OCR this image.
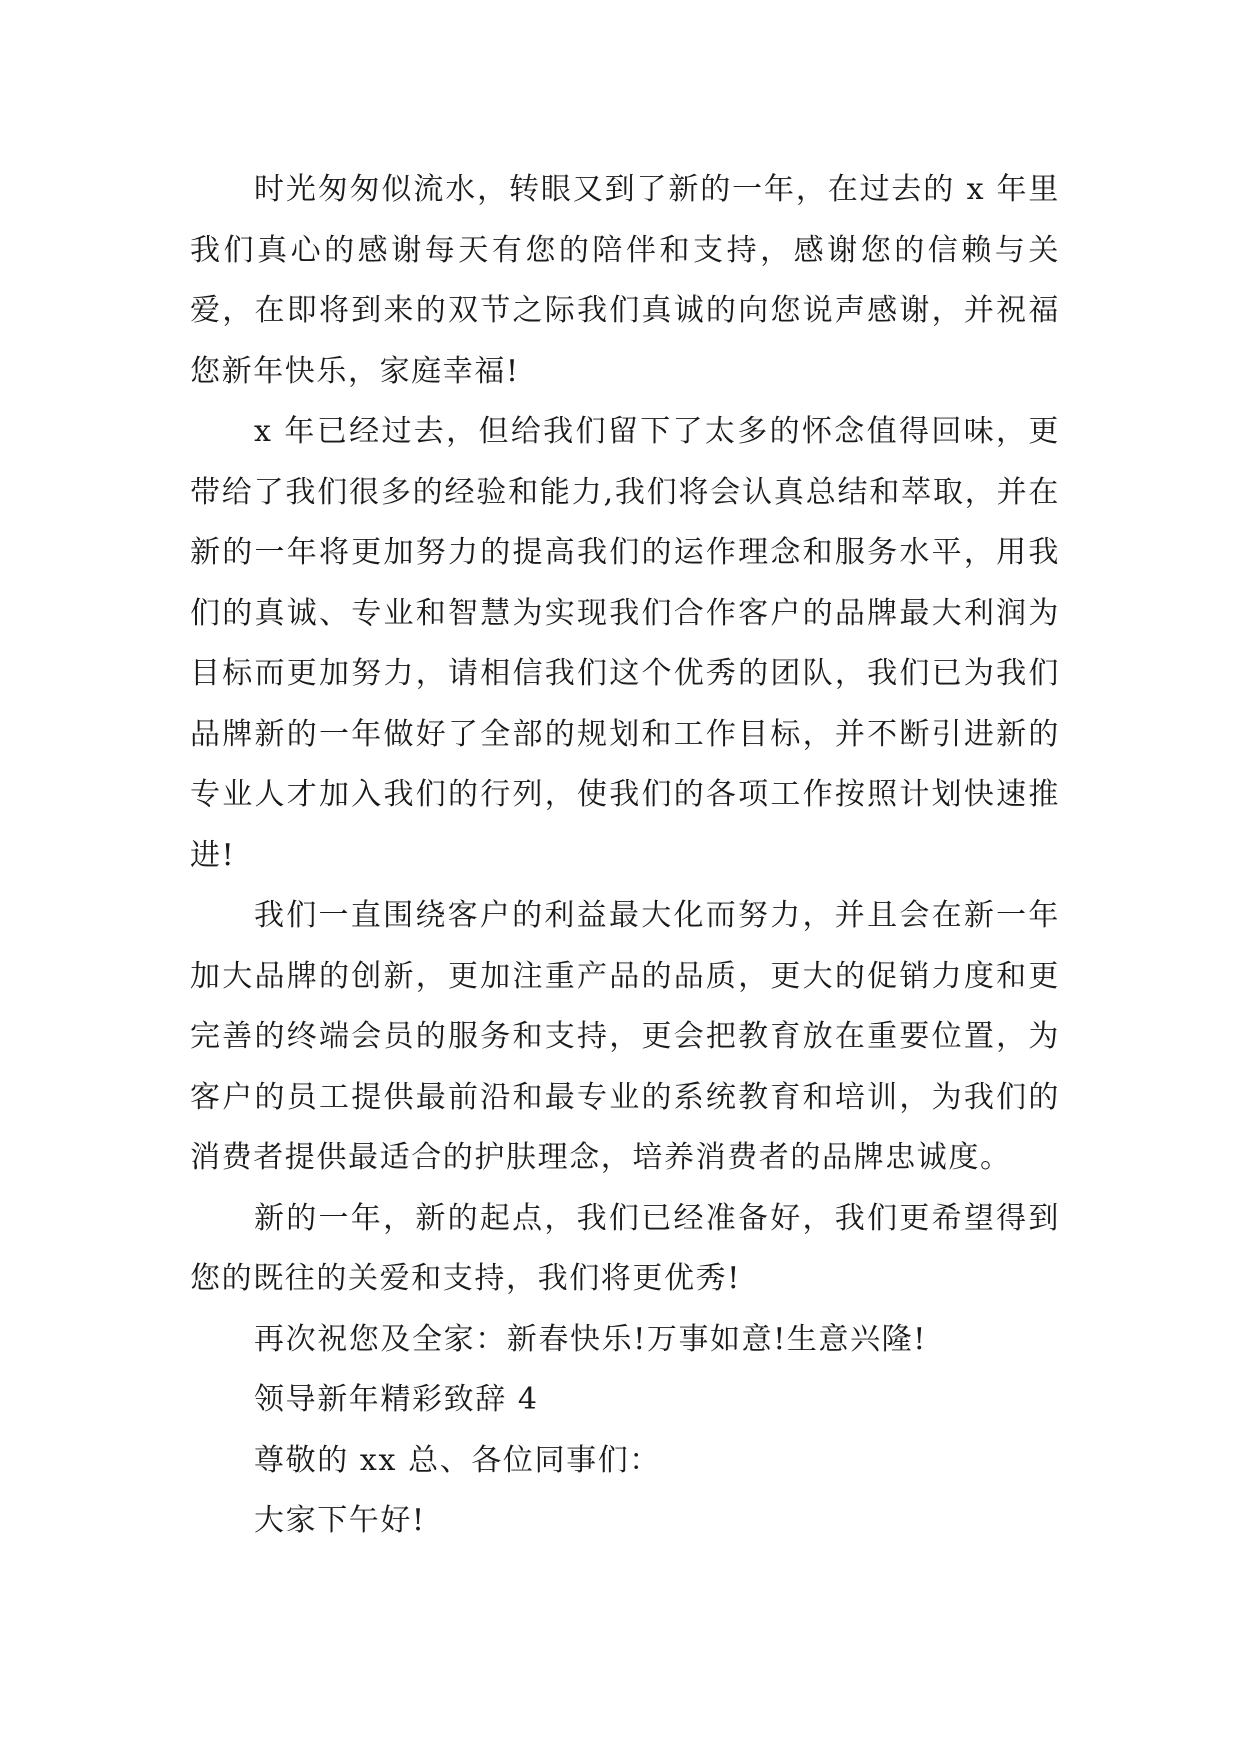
时光匆匆似流水，转眼又到了新的一年，在过去的 x 年里我们真心的感谢每天有您的陪伴和支持，感谢您的信赖与关爱，在即将到来的双节之际我们真诚的向您说声感谢，并祝福您新年快乐，家庭幸福!

x 年已经过去，但给我们留下了太多的怀念值得回味，更带给了我们很多的经验和能力,我们将会认真总结和萃取，并在新的一年将更加努力的提高我们的运作理念和服务水平，用我们的真诚、专业和智慧为实现我们合作客户的品牌最大利润为目标而更加努力，请相信我们这个优秀的团队，我们已为我们品牌新的一年做好了全部的规划和工作目标，并不断引进新的专业人才加入我们的行列，使我们的各项工作按照计划快速推进!

我们一直围绕客户的利益最大化而努力，并且会在新一年加大品牌的创新，更加注重产品的品质，更大的促销力度和更完善的终端会员的服务和支持，更会把教育放在重要位置，为客户的员工提供最前沿和最专业的系统教育和培训，为我们的消费者提供最适合的护肤理念，培养消费者的品牌忠诚度。

新的一年，新的起点，我们已经准备好，我们更希望得到您的既往的关爱和支持，我们将更优秀!

再次祝您及全家：新春快乐!万事如意!生意兴隆!

领导新年精彩致辞 4

尊敬的 xx 总、各位同事们：

大家下午好!
